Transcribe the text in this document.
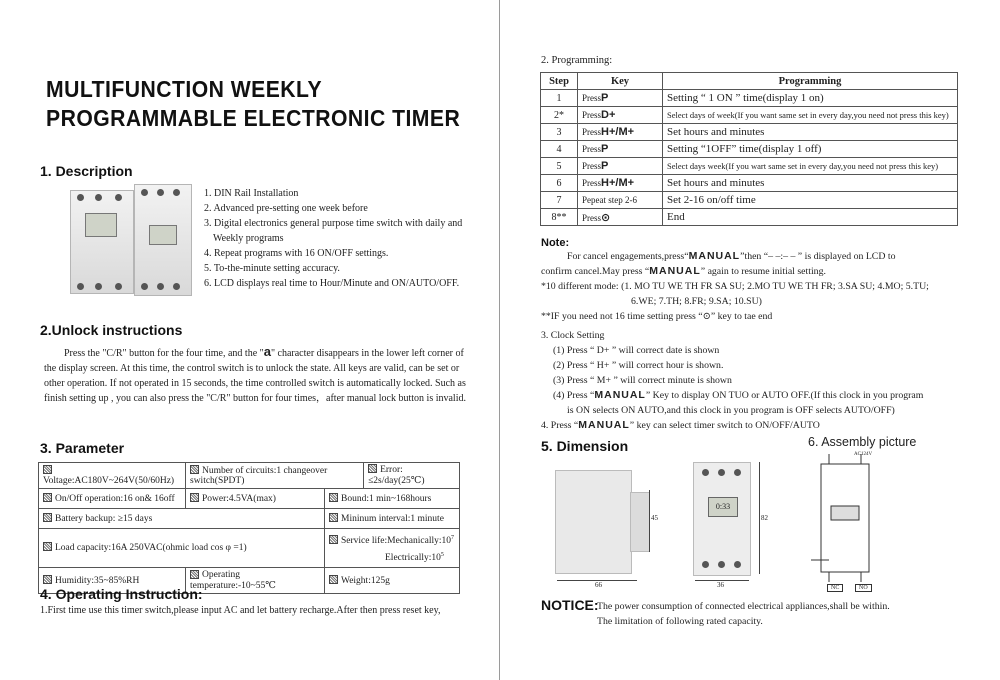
MULTIFUNCTION WEEKLY
PROGRAMMABLE ELECTRONIC TIMER
1. Description
1. DIN Rail Installation
2. Advanced pre-setting one week before
3. Digital electronics general purpose time switch with daily and
Weekly programs
4. Repeat programs with 16 ON/OFF settings.
5. To-the-minute setting accuracy.
6. LCD displays real time to Hour/Minute and ON/AUTO/OFF.
2.Unlock instructions
Press the "C/R" button for the four time, and the "a" character disappears in the lower left corner of the display screen. At this time, the control switch is to unlock the state. All keys are valid, can be set or other operation. If not operated in 15 seconds, the time controlled switch is automatically locked. Such as finish setting up , you can also press the "C/R" button for four times，after manual lock button is invalid.
3. Parameter
Voltage:AC180V~264V(50/60Hz)	Number of circuits:1 changeover switch(SPDT)	Error: ≤2s/day(25℃)
On/Off operation:16 on& 16off	Power:4.5VA(max)	Bound:1 min~168hours
Battery backup: ≥15 days		Mininum interval:1 minute
Load capacity:16A 250VAC(ohmic load cos φ =1)		Service $life:Mechanically:10^7$
$Electrically:10^5$
Humidity:35~85%RH	Operating temperature:-10~55℃	Weight:125g
4. Operating Instruction:
1.First time use this timer switch,please input AC and let battery recharge.After then press reset key,
2. Programming:
Step	Key	Programming
1	PressP	Setting “ 1 ON ” time(display 1 on)
2*	PressD+	Select days of week(If you want same set in every day,you need not press this key)
3	PressH+/M+	Set hours and minutes
4	PressP	Setting “1OFF” time(display 1 off)
5	PressP	Select days week(If you wart same set in every day,you need not press this key)
6	PressH+/M+	Set hours and minutes
7	Pepeat step 2-6	Set 2-16 on/off time
8**	Press⊙	End
Note:
For cancel engagements,press“MANUAL”then “– –:– – ” is displayed on LCD to
confirm cancel.May press “MANUAL” again to resume initial setting.
*10 different mode: (1. MO TU WE TH FR SA SU; 2.MO TU WE TH FR; 3.SA SU; 4.MO; 5.TU;
6.WE; 7.TH; 8.FR; 9.SA; 10.SU)
**IF you need not 16 time setting press “⊙” key to tae end
3. Clock Setting
(1) Press “ D+ ” will correct date is shown
(2) Press “ H+ ” will correct hour is shown.
(3) Press “ M+ ” will correct minute is shown
(4) Press “MANUAL” Key to display ON TUO or AUTO OFF.(If this clock in you program
is ON selects ON AUTO,and this clock in you program is OFF selects AUTO/OFF)
4. Press “MANUAL” key can select timer switch to ON/OFF/AUTO
5. Dimension	6. Assembly picture
45
66
0:33
82
36
AC124V
NC	NO
NOTICE:
The power consumption of connected electrical appliances,shall be within.
The limitation of following rated capacity.
